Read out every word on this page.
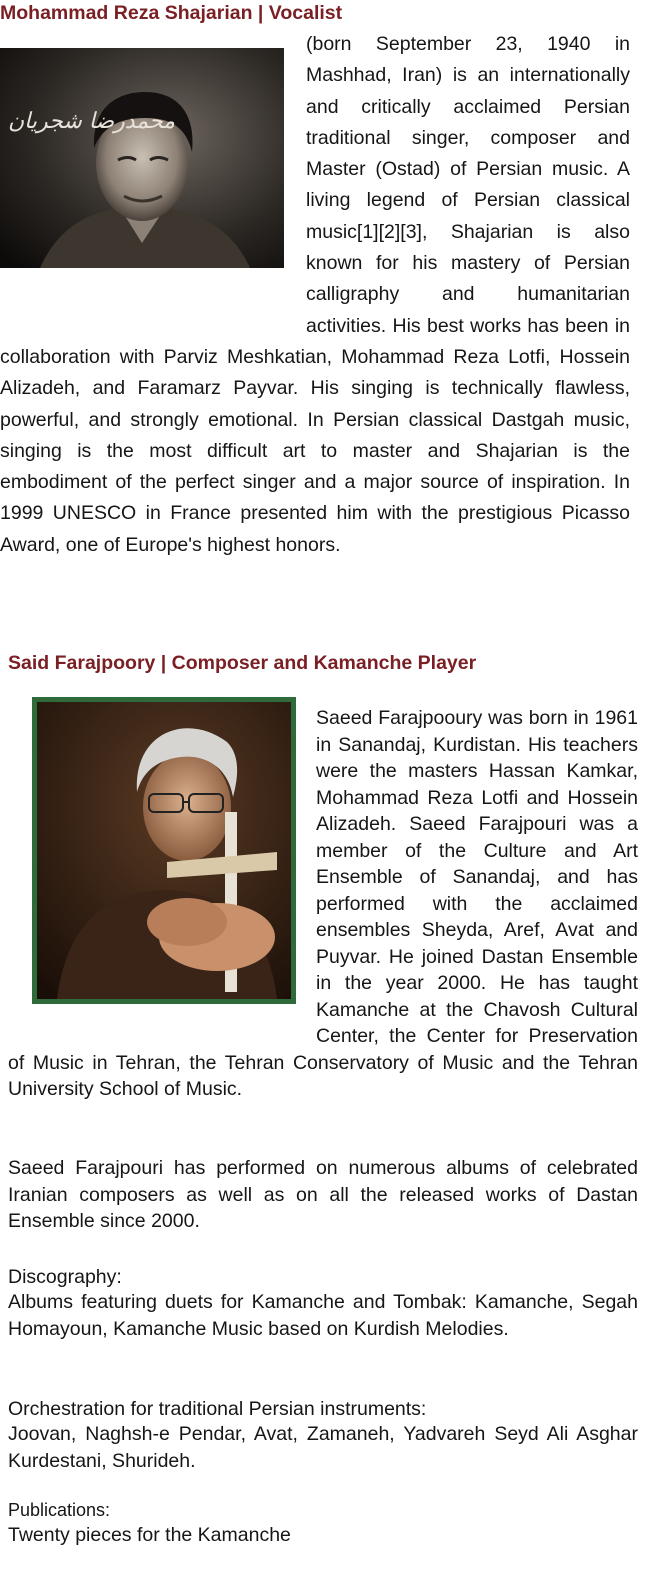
Mohammad Reza Shajarian | Vocalist
(born September 23, 1940 in Mashhad, Iran) is an internationally and critically acclaimed Persian traditional singer, composer and Master (Ostad) of Persian music. A living legend of Persian classical music[1][2][3], Shajarian is also known for his mastery of Persian calligraphy and humanitarian activities. His best works has been in collaboration with Parviz Meshkatian, Mohammad Reza Lotfi, Hossein Alizadeh, and Faramarz Payvar. His singing is technically flawless, powerful, and strongly emotional. In Persian classical Dastgah music, singing is the most difficult art to master and Shajarian is the embodiment of the perfect singer and a major source of inspiration. In 1999 UNESCO in France presented him with the prestigious Picasso Award, one of Europe's highest honors.
محمدرضا شجریان
Said Farajpoory | Composer and Kamanche Player
Saeed Farajpooury was born in 1961 in Sanandaj, Kurdistan. His teachers were the masters Hassan Kamkar, Mohammad Reza Lotfi and Hossein Alizadeh. Saeed Farajpouri was a member of the Culture and Art Ensemble of Sanandaj, and has performed with the acclaimed ensembles Sheyda, Aref, Avat and Puyvar. He joined Dastan Ensemble in the year 2000. He has taught Kamanche at the Chavosh Cultural Center, the Center for Preservation of Music in Tehran, the Tehran Conservatory of Music and the Tehran University School of Music.
Saeed Farajpouri has performed on numerous albums of celebrated Iranian composers as well as on all the released works of Dastan Ensemble since 2000.
Discography:
Albums featuring duets for Kamanche and Tombak: Kamanche, Segah Homayoun, Kamanche Music based on Kurdish Melodies.
Orchestration for traditional Persian instruments:
Joovan, Naghsh-e Pendar, Avat, Zamaneh, Yadvareh Seyd Ali Asghar Kurdestani, Shurideh.
Publications:
Twenty pieces for the Kamanche
